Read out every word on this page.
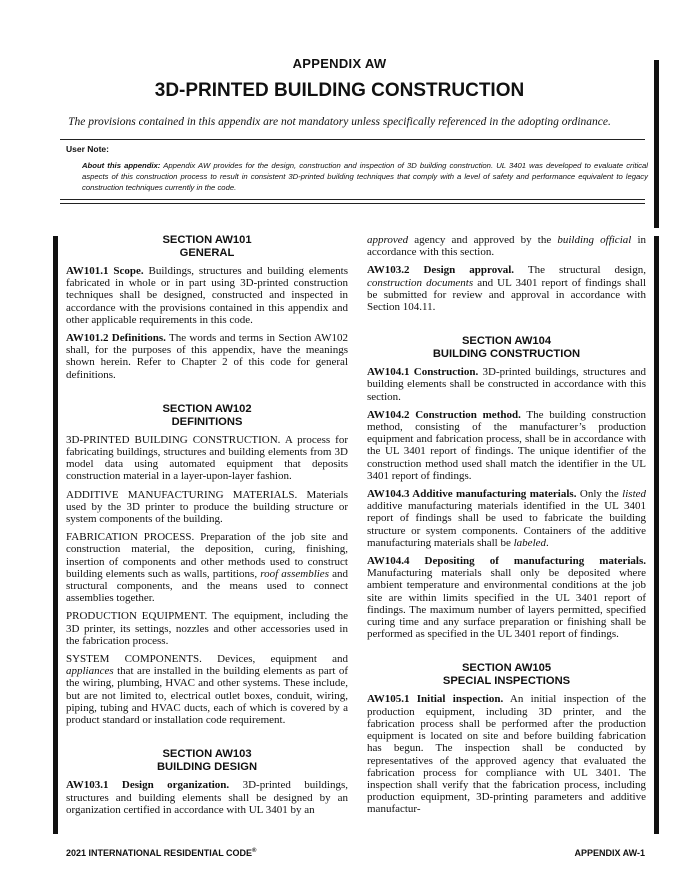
APPENDIX AW
3D-PRINTED BUILDING CONSTRUCTION
The provisions contained in this appendix are not mandatory unless specifically referenced in the adopting ordinance.
User Note:
About this appendix: Appendix AW provides for the design, construction and inspection of 3D building construction. UL 3401 was developed to evaluate critical aspects of this construction process to result in consistent 3D-printed building techniques that comply with a level of safety and performance equivalent to legacy construction techniques currently in the code.
SECTION AW101
GENERAL

AW101.1 Scope. Buildings, structures and building elements fabricated in whole or in part using 3D-printed construction techniques shall be designed, constructed and inspected in accordance with the provisions contained in this appendix and other applicable requirements in this code.

AW101.2 Definitions. The words and terms in Section AW102 shall, for the purposes of this appendix, have the meanings shown herein. Refer to Chapter 2 of this code for general definitions.

SECTION AW102
DEFINITIONS

3D-PRINTED BUILDING CONSTRUCTION. A process for fabricating buildings, structures and building elements from 3D model data using automated equipment that deposits construction material in a layer-upon-layer fashion.

ADDITIVE MANUFACTURING MATERIALS. Materials used by the 3D printer to produce the building structure or system components of the building.

FABRICATION PROCESS. Preparation of the job site and construction material, the deposition, curing, finishing, insertion of components and other methods used to construct building elements such as walls, partitions, roof assemblies and structural components, and the means used to connect assemblies together.

PRODUCTION EQUIPMENT. The equipment, including the 3D printer, its settings, nozzles and other accessories used in the fabrication process.

SYSTEM COMPONENTS. Devices, equipment and appliances that are installed in the building elements as part of the wiring, plumbing, HVAC and other systems. These include, but are not limited to, electrical outlet boxes, conduit, wiring, piping, tubing and HVAC ducts, each of which is covered by a product standard or installation code requirement.

SECTION AW103
BUILDING DESIGN

AW103.1 Design organization. 3D-printed buildings, structures and building elements shall be designed by an organization certified in accordance with UL 3401 by an

approved agency and approved by the building official in accordance with this section.

AW103.2 Design approval. The structural design, construction documents and UL 3401 report of findings shall be submitted for review and approval in accordance with Section 104.11.

SECTION AW104
BUILDING CONSTRUCTION

AW104.1 Construction. 3D-printed buildings, structures and building elements shall be constructed in accordance with this section.

AW104.2 Construction method. The building construction method, consisting of the manufacturer’s production equipment and fabrication process, shall be in accordance with the UL 3401 report of findings. The unique identifier of the construction method used shall match the identifier in the UL 3401 report of findings.

AW104.3 Additive manufacturing materials. Only the listed additive manufacturing materials identified in the UL 3401 report of findings shall be used to fabricate the building structure or system components. Containers of the additive manufacturing materials shall be labeled.

AW104.4 Depositing of manufacturing materials. Manufacturing materials shall only be deposited where ambient temperature and environmental conditions at the job site are within limits specified in the UL 3401 report of findings. The maximum number of layers permitted, specified curing time and any surface preparation or finishing shall be performed as specified in the UL 3401 report of findings.

SECTION AW105
SPECIAL INSPECTIONS

AW105.1 Initial inspection. An initial inspection of the production equipment, including 3D printer, and the fabrication process shall be performed after the production equipment is located on site and before building fabrication has begun. The inspection shall be conducted by representatives of the approved agency that evaluated the fabrication process for compliance with UL 3401. The inspection shall verify that the fabrication process, including production equipment, 3D-printing parameters and additive manufactur-

2021 INTERNATIONAL RESIDENTIAL CODE®	APPENDIX AW-1
